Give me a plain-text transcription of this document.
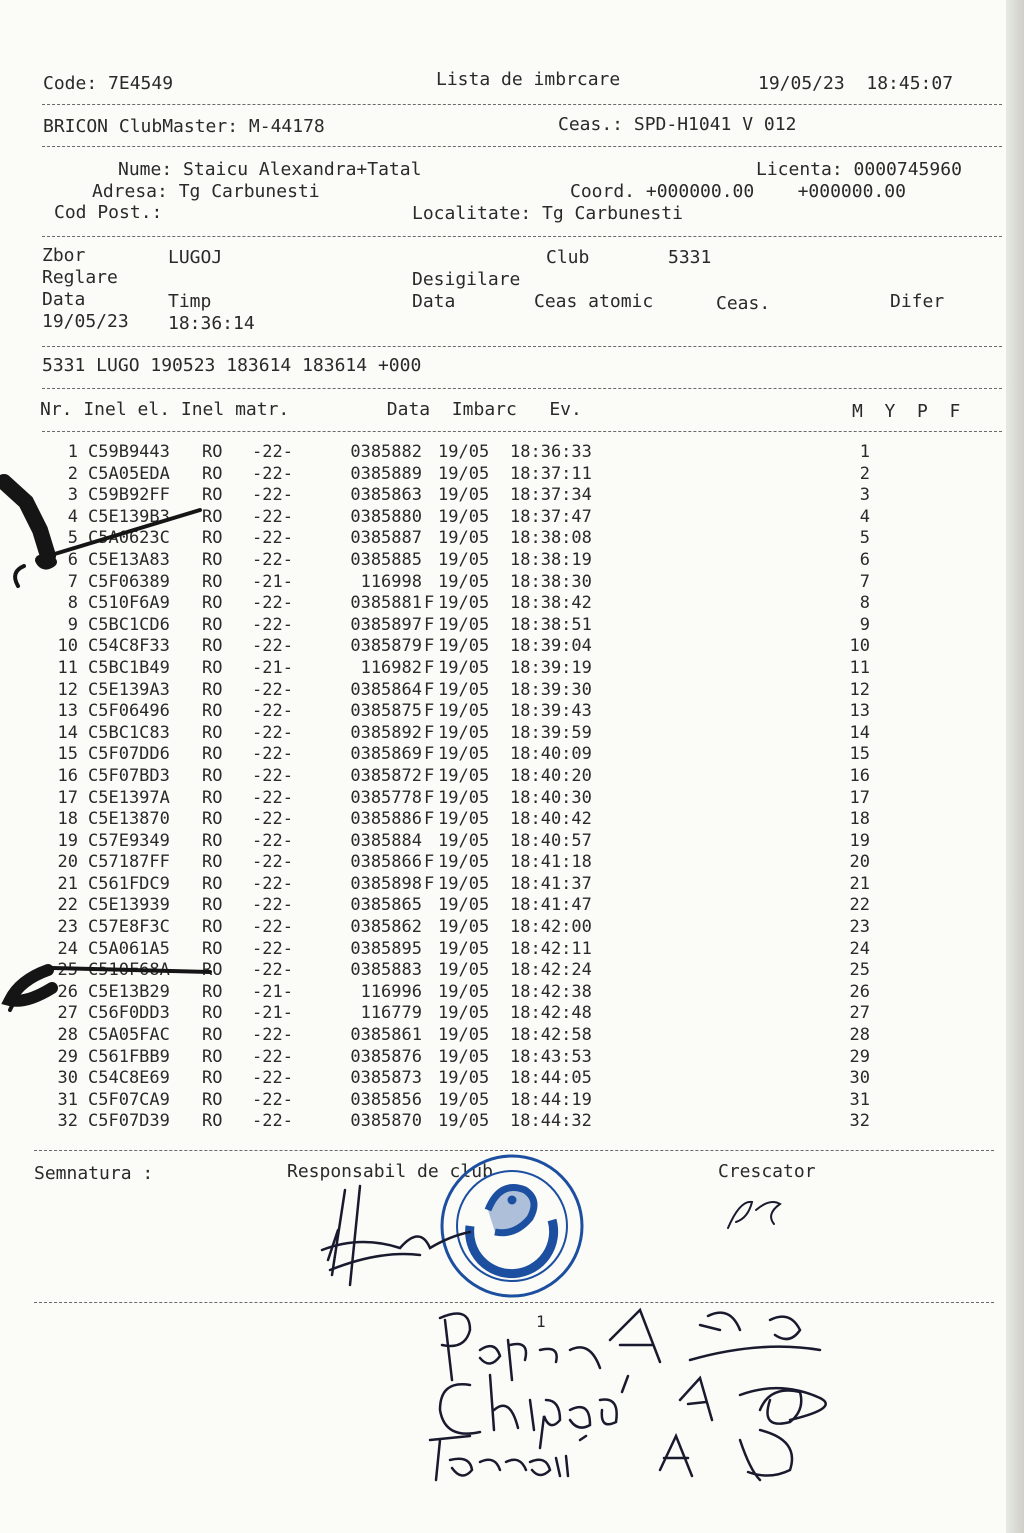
Code: 7E4549	Lista de imbrcare	19/05/23  18:45:07
BRICON ClubMaster: M-44178	Ceas.: SPD-H1041 V 012
Nume: Staicu Alexandra+Tatal	Licenta: 0000745960
Adresa: Tg Carbunesti	Coord. +000000.00    +000000.00
Cod Post.:	Localitate: Tg Carbunesti
Zbor	LUGOJ	Club	5331
Reglare	Desigilare
Data	Timp	Data	Ceas atomic	Ceas.	Difer
19/05/23 18:36:14
5331 LUGO 190523 183614 183614 +000
Nr. Inel el. Inel matr.         Data  Imbarc   Ev.	M  Y  P  F
1 C59B9443 RO -22-	0385882 19/05 18:36:33	1
2 C5A05EDA RO -22-	0385889 19/05 18:37:11	2
3 C59B92FF RO -22-	0385863 19/05 18:37:34	3
4 C5E139B3 RO -22-	0385880 19/05 18:37:47	4
5 C5A0623C RO -22-	0385887 19/05 18:38:08	5
6 C5E13A83 RO -22-	0385885 19/05 18:38:19	6
7 C5F06389 RO -21-	116998 19/05 18:38:30	7
8 C510F6A9 RO -22-	0385881 F 19/05 18:38:42	8
9 C5BC1CD6 RO -22-	0385897 F 19/05 18:38:51	9
10 C54C8F33 RO -22-	0385879 F 19/05 18:39:04	10
11 C5BC1B49 RO -21-	116982 F 19/05 18:39:19	11
12 C5E139A3 RO -22-	0385864 F 19/05 18:39:30	12
13 C5F06496 RO -22-	0385875 F 19/05 18:39:43	13
14 C5BC1C83 RO -22-	0385892 F 19/05 18:39:59	14
15 C5F07DD6 RO -22-	0385869 F 19/05 18:40:09	15
16 C5F07BD3 RO -22-	0385872 F 19/05 18:40:20	16
17 C5E1397A RO -22-	0385778 F 19/05 18:40:30	17
18 C5E13870 RO -22-	0385886 F 19/05 18:40:42	18
19 C57E9349 RO -22-	0385884 19/05 18:40:57	19
20 C57187FF RO -22-	0385866 F 19/05 18:41:18	20
21 C561FDC9 RO -22-	0385898 F 19/05 18:41:37	21
22 C5E13939 RO -22-	0385865 19/05 18:41:47	22
23 C57E8F3C RO -22-	0385862 19/05 18:42:00	23
24 C5A061A5 RO -22-	0385895 19/05 18:42:11	24
25 C510F68A RO -22-	0385883 19/05 18:42:24	25
26 C5E13B29 RO -21-	116996 19/05 18:42:38	26
27 C56F0DD3 RO -21-	116779 19/05 18:42:48	27
28 C5A05FAC RO -22-	0385861 19/05 18:42:58	28
29 C561FBB9 RO -22-	0385876 19/05 18:43:53	29
30 C54C8E69 RO -22-	0385873 19/05 18:44:05	30
31 C5F07CA9 RO -22-	0385856 19/05 18:44:19	31
32 C5F07D39 RO -22-	0385870 19/05 18:44:32	32
Semnatura :	Responsabil de club	Crescator
1
